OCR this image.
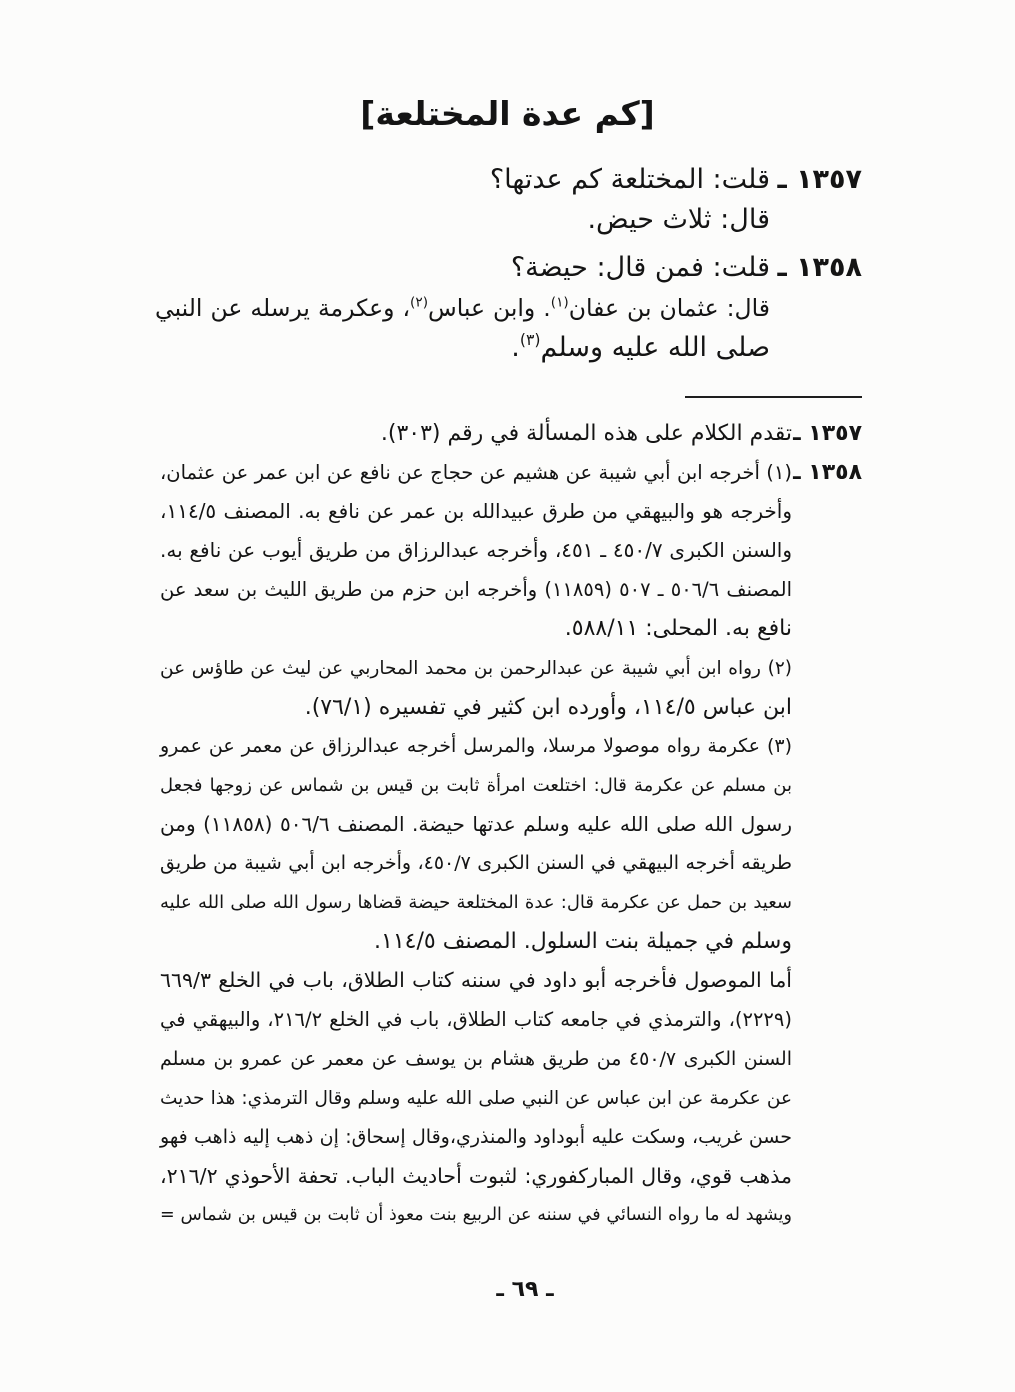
[كم عدة المختلعة]
١٣٥٧ ـ
قلت: المختلعة كم عدتها؟
قال: ثلاث حيض.
١٣٥٨ ـ
قلت: فمن قال: حيضة؟
قال: عثمان بن عفان$^{(١)}$. وابن عباس$^{(٢)}$، وعكرمة يرسله عن النبي
صلى الله عليه وسلم$^{(٣)}$.
١٣٥٧ ـ
تقدم الكلام على هذه المسألة في رقم (٣٠٣).
١٣٥٨ ـ
(١) أخرجه ابن أبي شيبة عن هشيم عن حجاج عن نافع عن ابن عمر عن عثمان،
وأخرجه هو والبيهقي من طرق عبيدالله بن عمر عن نافع به. المصنف ١١٤/٥،
والسنن الكبرى ٤٥٠/٧ ـ ٤٥١، وأخرجه عبدالرزاق من طريق أيوب عن نافع به.
المصنف ٥٠٦/٦ ـ ٥٠٧ (١١٨٥٩) وأخرجه ابن حزم من طريق الليث بن سعد عن
نافع به. المحلى: ٥٨٨/١١.
(٢) رواه ابن أبي شيبة عن عبدالرحمن بن محمد المحاربي عن ليث عن طاؤس عن
ابن عباس ١١٤/٥، وأورده ابن كثير في تفسيره (٧٦/١).
(٣) عكرمة رواه موصولا مرسلا، والمرسل أخرجه عبدالرزاق عن معمر عن عمرو
بن مسلم عن عكرمة قال: اختلعت امرأة ثابت بن قيس بن شماس عن زوجها فجعل
رسول الله صلى الله عليه وسلم عدتها حيضة. المصنف ٥٠٦/٦ (١١٨٥٨) ومن
طريقه أخرجه البيهقي في السنن الكبرى ٤٥٠/٧، وأخرجه ابن أبي شيبة من طريق
سعيد بن حمل عن عكرمة قال: عدة المختلعة حيضة قضاها رسول الله صلى الله عليه
وسلم في جميلة بنت السلول. المصنف ١١٤/٥.
أما الموصول فأخرجه أبو داود في سننه كتاب الطلاق، باب في الخلع ٦٦٩/٣
(٢٢٢٩)، والترمذي في جامعه كتاب الطلاق، باب في الخلع ٢١٦/٢، والبيهقي في
السنن الكبرى ٤٥٠/٧ من طريق هشام بن يوسف عن معمر عن عمرو بن مسلم
عن عكرمة عن ابن عباس عن النبي صلى الله عليه وسلم وقال الترمذي: هذا حديث
حسن غريب، وسكت عليه أبوداود والمنذري،وقال إسحاق: إن ذهب إليه ذاهب فهو
مذهب قوي، وقال المباركفوري: لثبوت أحاديث الباب. تحفة الأحوذي ٢١٦/٢،
ويشهد له ما رواه النسائي في سننه عن الربيع بنت معوذ أن ثابت بن قيس بن شماس =
ـ ٦٩ ـ
